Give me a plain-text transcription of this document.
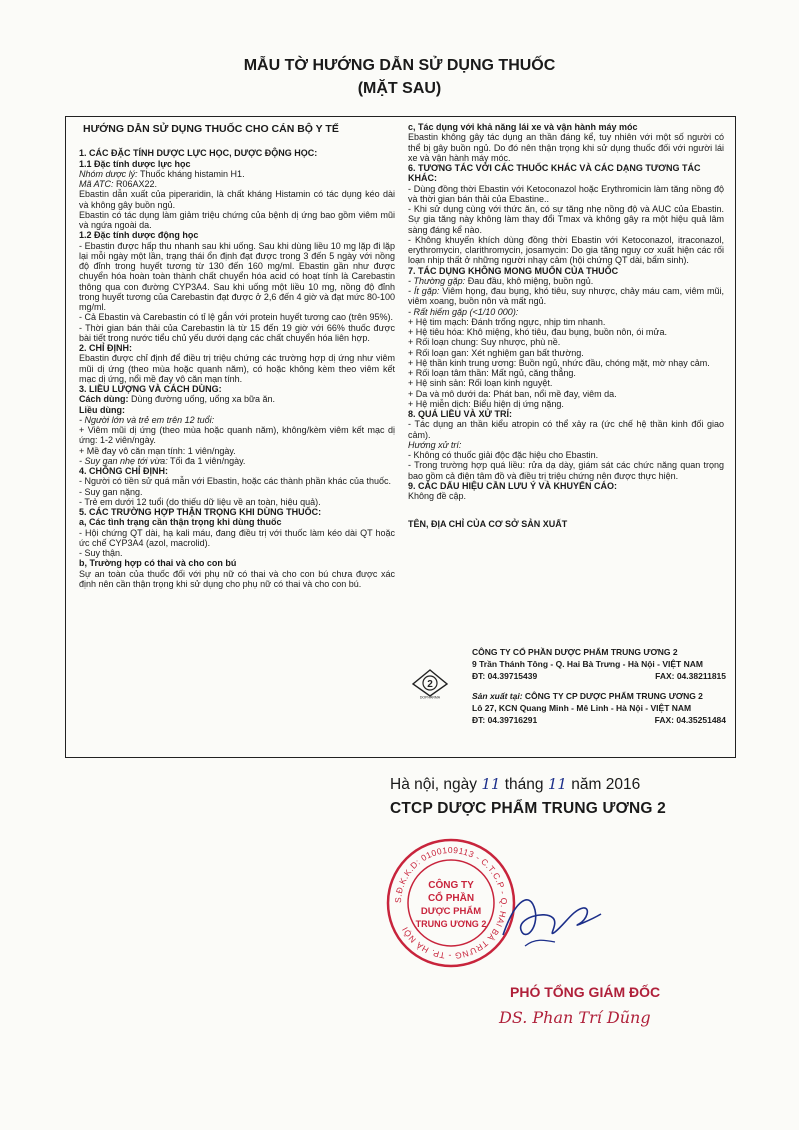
MẪU TỜ HƯỚNG DẪN SỬ DỤNG THUỐC
(MẶT SAU)
HƯỚNG DẪN SỬ DỤNG THUỐC CHO CÁN BỘ Y TẾ
1. CÁC ĐẶC TÍNH DƯỢC LỰC HỌC, DƯỢC ĐỘNG HỌC:
1.1 Đặc tính dược lực học
Nhóm dược lý: Thuốc kháng histamin H1.
Mã ATC: R06AX22.
Ebastin dẫn xuất của piperaridin, là chất kháng Histamin có tác dụng kéo dài và không gây buồn ngủ.
Ebastin có tác dụng làm giảm triệu chứng của bệnh dị ứng bao gồm viêm mũi và ngứa ngoài da.
1.2 Đặc tính dược động học
- Ebastin được hấp thu nhanh sau khi uống. Sau khi dùng liều 10 mg lặp đi lặp lại mỗi ngày một lần, trạng thái ổn định đạt được trong 3 đến 5 ngày với nồng độ đỉnh trong huyết tương từ 130 đến 160 mg/ml. Ebastin gần như được chuyển hóa hoàn toàn thành chất chuyển hóa acid có hoạt tính là Carebastin thông qua con đường CYP3A4. Sau khi uống một liều 10 mg, nồng độ đỉnh trong huyết tương của Carebastin đạt được ở 2,6 đến 4 giờ và đạt mức 80-100 mg/ml.
- Cả Ebastin và Carebastin có tỉ lệ gắn với protein huyết tương cao (trên 95%).
- Thời gian bán thải của Carebastin là từ 15 đến 19 giờ với 66% thuốc được bài tiết trong nước tiểu chủ yếu dưới dạng các chất chuyển hóa liên hợp.
2. CHỈ ĐỊNH:
Ebastin được chỉ định để điều trị triệu chứng các trường hợp dị ứng như viêm mũi dị ứng (theo mùa hoặc quanh năm), có hoặc không kèm theo viêm kết mạc dị ứng, nổi mề đay vô căn mạn tính.
3. LIỀU LƯỢNG VÀ CÁCH DÙNG:
Cách dùng: Dùng đường uống, uống xa bữa ăn.
Liều dùng:
- Người lớn và trẻ em trên 12 tuổi:
+ Viêm mũi dị ứng (theo mùa hoặc quanh năm), không/kèm viêm kết mạc dị ứng: 1-2 viên/ngày.
+ Mề đay vô căn mạn tính: 1 viên/ngày.
- Suy gan nhẹ tới vừa: Tối đa 1 viên/ngày.
4. CHỐNG CHỈ ĐỊNH:
- Người có tiền sử quá mẫn với Ebastin, hoặc các thành phần khác của thuốc.
- Suy gan nặng.
- Trẻ em dưới 12 tuổi (do thiếu dữ liệu về an toàn, hiệu quả).
5. CÁC TRƯỜNG HỢP THẬN TRỌNG KHI DÙNG THUỐC:
a, Các tình trạng cần thận trọng khi dùng thuốc
- Hội chứng QT dài, hạ kali máu, đang điều trị với thuốc làm kéo dài QT hoặc ức chế CYP3A4 (azol, macrolid).
- Suy thận.
b, Trường hợp có thai và cho con bú
Sự an toàn của thuốc đối với phụ nữ có thai và cho con bú chưa được xác định nên cần thận trọng khi sử dụng cho phụ nữ có thai và cho con bú.
c, Tác dụng với khả năng lái xe và vận hành máy móc
Ebastin không gây tác dụng an thần đáng kể, tuy nhiên với một số người có thể bị gây buồn ngủ. Do đó nên thận trọng khi sử dụng thuốc đối với người lái xe và vận hành máy móc.
6. TƯƠNG TÁC VỚI CÁC THUỐC KHÁC VÀ CÁC DẠNG TƯƠNG TÁC KHÁC:
- Dùng đồng thời Ebastin với Ketoconazol hoặc Erythromicin làm tăng nồng độ và thời gian bán thải của Ebastine..
- Khi sử dụng cùng với thức ăn, có sự tăng nhẹ nồng độ và AUC của Ebastin. Sự gia tăng này không làm thay đổi Tmax và không gây ra một hiệu quả lâm sàng đáng kể nào.
- Không khuyến khích dùng đồng thời Ebastin với Ketoconazol, itraconazol, erythromycin, clarithromycin, josamycin: Do gia tăng nguy cơ xuất hiện các rối loạn nhịp thất ở những người nhạy cảm (hội chứng QT dài, bẩm sinh).
7. TÁC DỤNG KHÔNG MONG MUỐN CỦA THUỐC
- Thường gặp: Đau đầu, khô miệng, buồn ngủ.
- Ít gặp: Viêm họng, đau bụng, khó tiêu, suy nhược, chảy máu cam, viêm mũi, viêm xoang, buồn nôn và mất ngủ.
- Rất hiếm gặp (<1/10 000):
+ Hệ tim mạch: Đánh trống ngực, nhịp tim nhanh.
+ Hệ tiêu hóa: Khô miệng, khó tiêu, đau bụng, buồn nôn, ói mửa.
+ Rối loạn chung: Suy nhược, phù nề.
+ Rối loạn gan: Xét nghiệm gan bất thường.
+ Hệ thần kinh trung ương: Buồn ngủ, nhức đầu, chóng mặt, mờ nhạy cảm.
+ Rối loạn tâm thần: Mất ngủ, căng thẳng.
+ Hệ sinh sản: Rối loạn kinh nguyệt.
+ Da và mô dưới da: Phát ban, nổi mề đay, viêm da.
+ Hệ miễn dịch: Biểu hiện dị ứng nặng.
8. QUÁ LIỀU VÀ XỬ TRÍ:
- Tác dụng an thần kiểu atropin có thể xảy ra (ức chế hệ thần kinh đối giao cảm).
Hướng xử trí:
- Không có thuốc giải độc đặc hiệu cho Ebastin.
- Trong trường hợp quá liều: rửa dạ dày, giám sát các chức năng quan trọng bao gồm cả điện tâm đồ và điều trị triệu chứng nên được thực hiện.
9. CÁC DẤU HIỆU CẦN LƯU Ý VÀ KHUYẾN CÁO:
Không đề cập.
TÊN, ĐỊA CHỈ CỦA CƠ SỞ SẢN XUẤT
2
DOPHARMA
CÔNG TY CỔ PHẦN DƯỢC PHẨM TRUNG ƯƠNG 2
9 Trần Thánh Tông - Q. Hai Bà Trưng - Hà Nội - VIỆT NAM
ĐT: 04.39715439	FAX: 04.38211815
Sản xuất tại: CÔNG TY CP DƯỢC PHẨM TRUNG ƯƠNG 2
Lô 27, KCN Quang Minh - Mê Linh - Hà Nội - VIỆT NAM
ĐT: 04.39716291	FAX: 04.35251484
Hà nội, ngày 11 tháng 11 năm 2016
CTCP DƯỢC PHẨM TRUNG ƯƠNG 2
S.Đ.K.K.D: 0100109113 - C.T.C.P - Q. HAI BÀ TRƯNG - TP. HÀ NỘI
CÔNG TY
CỔ PHẦN
DƯỢC PHẨM
TRUNG ƯƠNG 2
PHÓ TỔNG GIÁM ĐỐC
DS. Phan Trí Dũng
